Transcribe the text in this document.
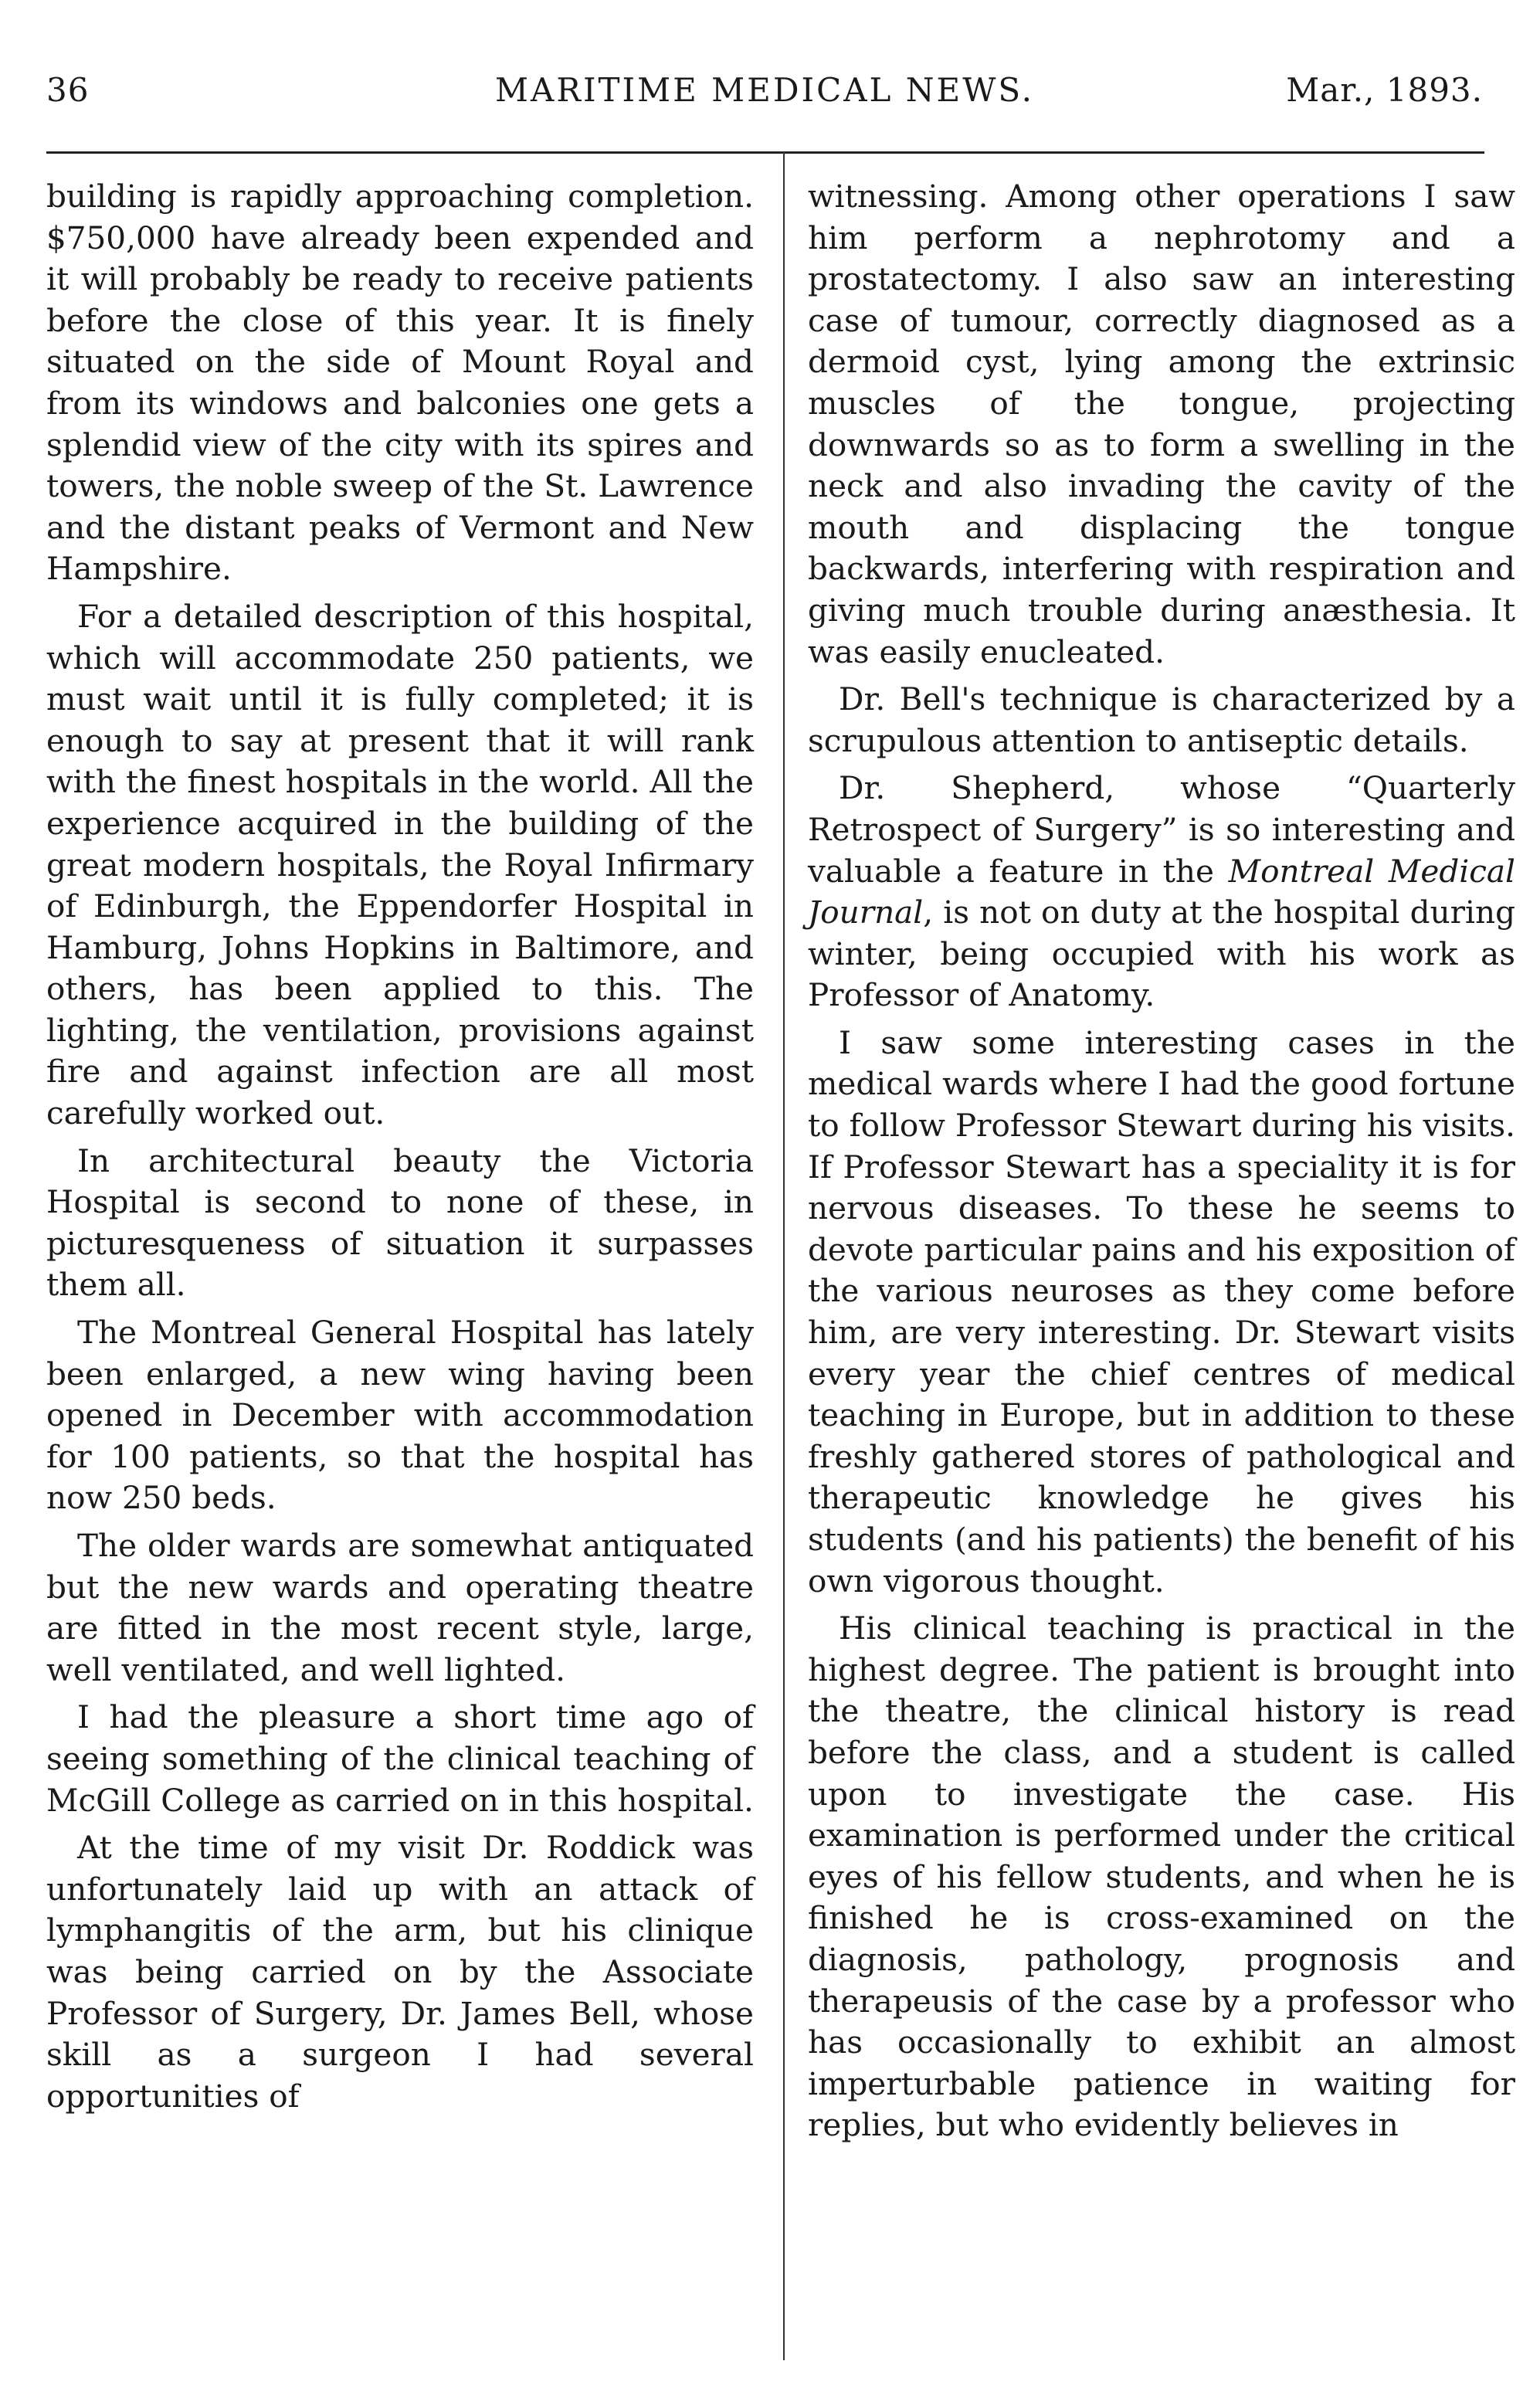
36	MARITIME MEDICAL NEWS.	Mar., 1893.

building is rapidly approaching completion. $750,000 have already been expended and it will probably be ready to receive patients before the close of this year. It is finely situated on the side of Mount Royal and from its windows and balconies one gets a splendid view of the city with its spires and towers, the noble sweep of the St. Lawrence and the distant peaks of Vermont and New Hampshire.

For a detailed description of this hospital, which will accommodate 250 patients, we must wait until it is fully completed; it is enough to say at present that it will rank with the finest hospitals in the world. All the experience acquired in the building of the great modern hospitals, the Royal Infirmary of Edinburgh, the Eppendorfer Hospital in Hamburg, Johns Hopkins in Baltimore, and others, has been applied to this. The lighting, the ventilation, provisions against fire and against infection are all most carefully worked out.

In architectural beauty the Victoria Hospital is second to none of these, in picturesqueness of situation it surpasses them all.

The Montreal General Hospital has lately been enlarged, a new wing having been opened in December with accommodation for 100 patients, so that the hospital has now 250 beds.

The older wards are somewhat antiquated but the new wards and operating theatre are fitted in the most recent style, large, well ventilated, and well lighted.

I had the pleasure a short time ago of seeing something of the clinical teaching of McGill College as carried on in this hospital.

At the time of my visit Dr. Roddick was unfortunately laid up with an attack of lymphangitis of the arm, but his clinique was being carried on by the Associate Professor of Surgery, Dr. James Bell, whose skill as a surgeon I had several opportunities of

witnessing. Among other operations I saw him perform a nephrotomy and a prostatectomy. I also saw an interesting case of tumour, correctly diagnosed as a dermoid cyst, lying among the extrinsic muscles of the tongue, projecting downwards so as to form a swelling in the neck and also invading the cavity of the mouth and displacing the tongue backwards, interfering with respiration and giving much trouble during anæsthesia. It was easily enucleated.

Dr. Bell's technique is characterized by a scrupulous attention to antiseptic details.

Dr. Shepherd, whose “Quarterly Retrospect of Surgery” is so interesting and valuable a feature in the Montreal Medical Journal, is not on duty at the hospital during winter, being occupied with his work as Professor of Anatomy.

I saw some interesting cases in the medical wards where I had the good fortune to follow Professor Stewart during his visits. If Professor Stewart has a speciality it is for nervous diseases. To these he seems to devote particular pains and his exposition of the various neuroses as they come before him, are very interesting. Dr. Stewart visits every year the chief centres of medical teaching in Europe, but in addition to these freshly gathered stores of pathological and therapeutic knowledge he gives his students (and his patients) the benefit of his own vigorous thought.

His clinical teaching is practical in the highest degree. The patient is brought into the theatre, the clinical history is read before the class, and a student is called upon to investigate the case. His examination is performed under the critical eyes of his fellow students, and when he is finished he is cross-examined on the diagnosis, pathology, prognosis and therapeusis of the case by a professor who has occasionally to exhibit an almost imperturbable patience in waiting for replies, but who evidently believes in
